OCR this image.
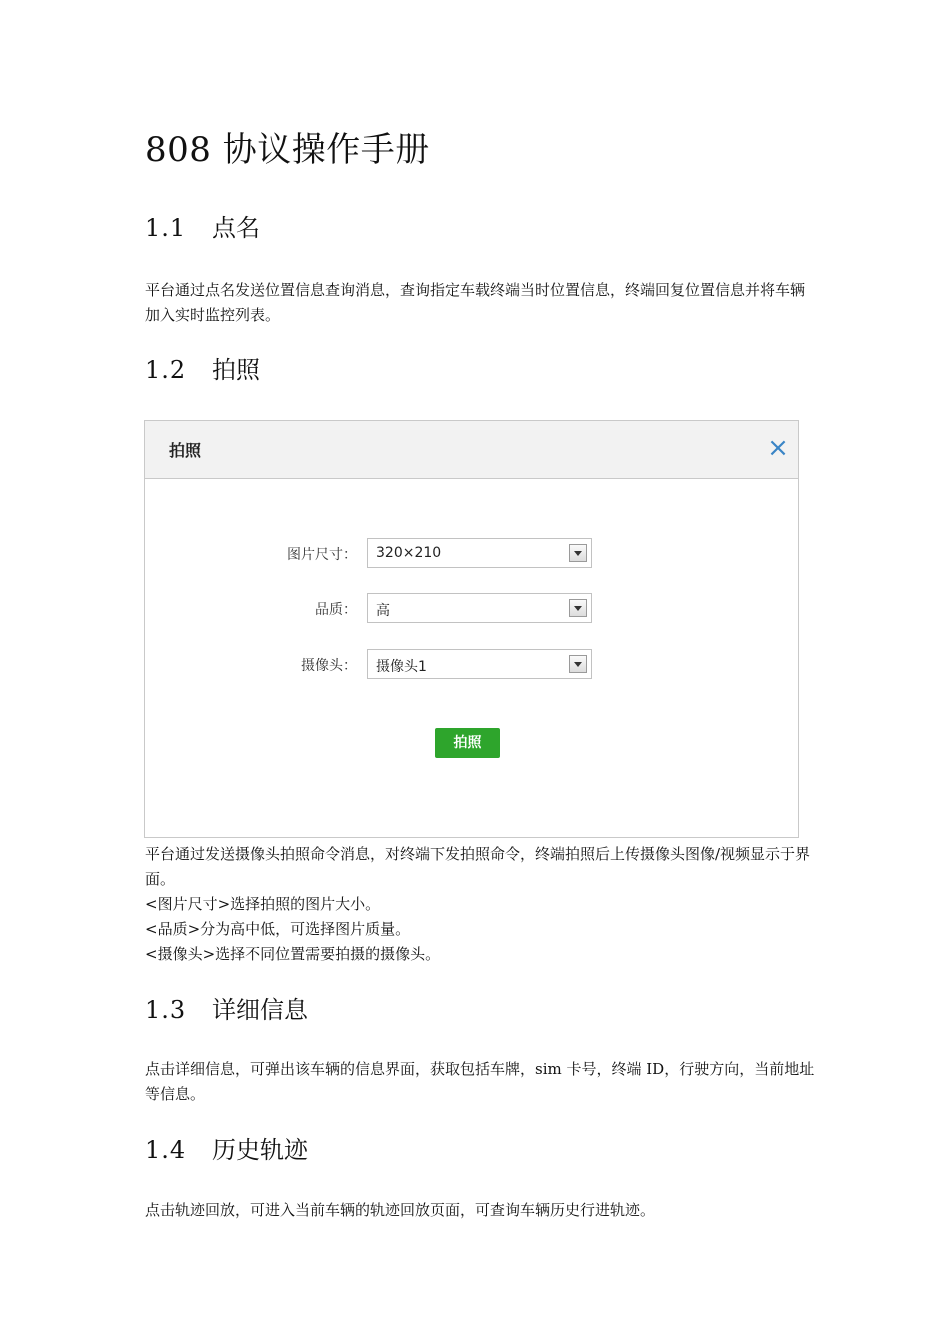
808 协议操作手册
1.1 点名

平台通过点名发送位置信息查询消息，查询指定车载终端当时位置信息，终端回复位置信息并将车辆加入实时监控列表。

1.2 拍照
拍照	×
图片尺寸： 320×210
品质： 高
摄像头： 摄像头1
拍照

平台通过发送摄像头拍照命令消息，对终端下发拍照命令，终端拍照后上传摄像头图像/视频显示于界面。

<图片尺寸>选择拍照的图片大小。

<品质>分为高中低，可选择图片质量。

<摄像头>选择不同位置需要拍摄的摄像头。

1.3 详细信息

点击详细信息，可弹出该车辆的信息界面，获取包括车牌，sim 卡号，终端 ID，行驶方向，当前地址等信息。

1.4 历史轨迹

点击轨迹回放，可进入当前车辆的轨迹回放页面，可查询车辆历史行进轨迹。
